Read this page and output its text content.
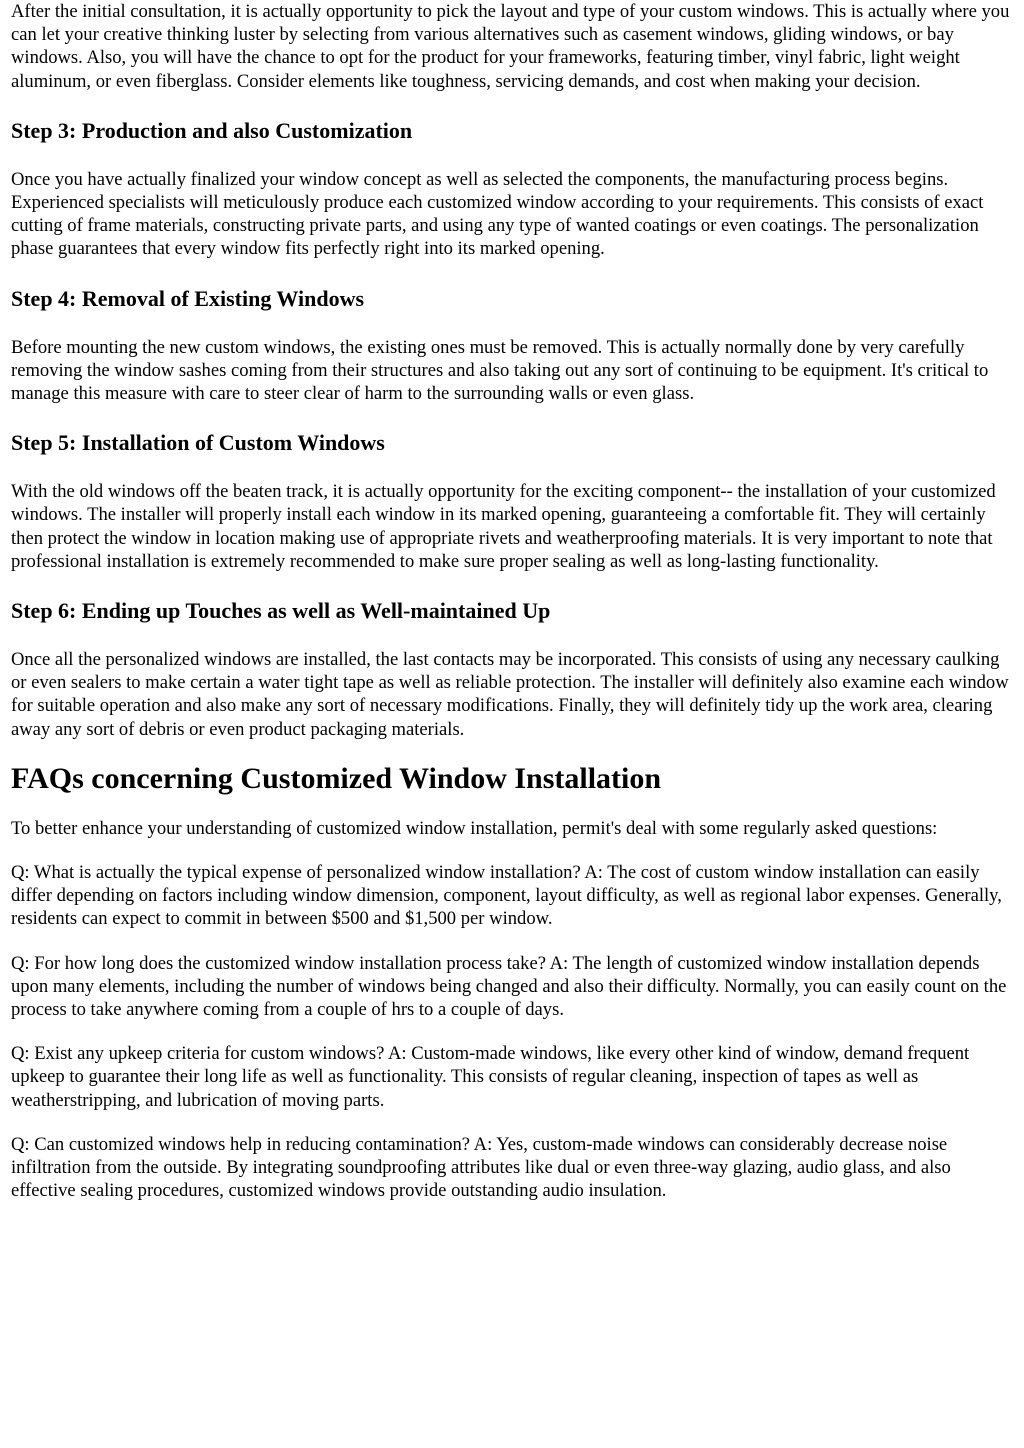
After the initial consultation, it is actually opportunity to pick the layout and type of your custom windows. This is actually where you can let your creative thinking luster by selecting from various alternatives such as casement windows, gliding windows, or bay windows. Also, you will have the chance to opt for the product for your frameworks, featuring timber, vinyl fabric, light weight aluminum, or even fiberglass. Consider elements like toughness, servicing demands, and cost when making your decision.

Step 3: Production and also Customization

Once you have actually finalized your window concept as well as selected the components, the manufacturing process begins. Experienced specialists will meticulously produce each customized window according to your requirements. This consists of exact cutting of frame materials, constructing private parts, and using any type of wanted coatings or even coatings. The personalization phase guarantees that every window fits perfectly right into its marked opening.

Step 4: Removal of Existing Windows

Before mounting the new custom windows, the existing ones must be removed. This is actually normally done by very carefully removing the window sashes coming from their structures and also taking out any sort of continuing to be equipment. It's critical to manage this measure with care to steer clear of harm to the surrounding walls or even glass.

Step 5: Installation of Custom Windows

With the old windows off the beaten track, it is actually opportunity for the exciting component-- the installation of your customized windows. The installer will properly install each window in its marked opening, guaranteeing a comfortable fit. They will certainly then protect the window in location making use of appropriate rivets and weatherproofing materials. It is very important to note that professional installation is extremely recommended to make sure proper sealing as well as long-lasting functionality.

Step 6: Ending up Touches as well as Well-maintained Up

Once all the personalized windows are installed, the last contacts may be incorporated. This consists of using any necessary caulking or even sealers to make certain a water tight tape as well as reliable protection. The installer will definitely also examine each window for suitable operation and also make any sort of necessary modifications. Finally, they will definitely tidy up the work area, clearing away any sort of debris or even product packaging materials.

FAQs concerning Customized Window Installation

To better enhance your understanding of customized window installation, permit's deal with some regularly asked questions:

Q: What is actually the typical expense of personalized window installation? A: The cost of custom window installation can easily differ depending on factors including window dimension, component, layout difficulty, as well as regional labor expenses. Generally, residents can expect to commit in between $500 and $1,500 per window.

Q: For how long does the customized window installation process take? A: The length of customized window installation depends upon many elements, including the number of windows being changed and also their difficulty. Normally, you can easily count on the process to take anywhere coming from a couple of hrs to a couple of days.

Q: Exist any upkeep criteria for custom windows? A: Custom-made windows, like every other kind of window, demand frequent upkeep to guarantee their long life as well as functionality. This consists of regular cleaning, inspection of tapes as well as weatherstripping, and lubrication of moving parts.

Q: Can customized windows help in reducing contamination? A: Yes, custom-made windows can considerably decrease noise infiltration from the outside. By integrating soundproofing attributes like dual or even three-way glazing, audio glass, and also effective sealing procedures, customized windows provide outstanding audio insulation.
